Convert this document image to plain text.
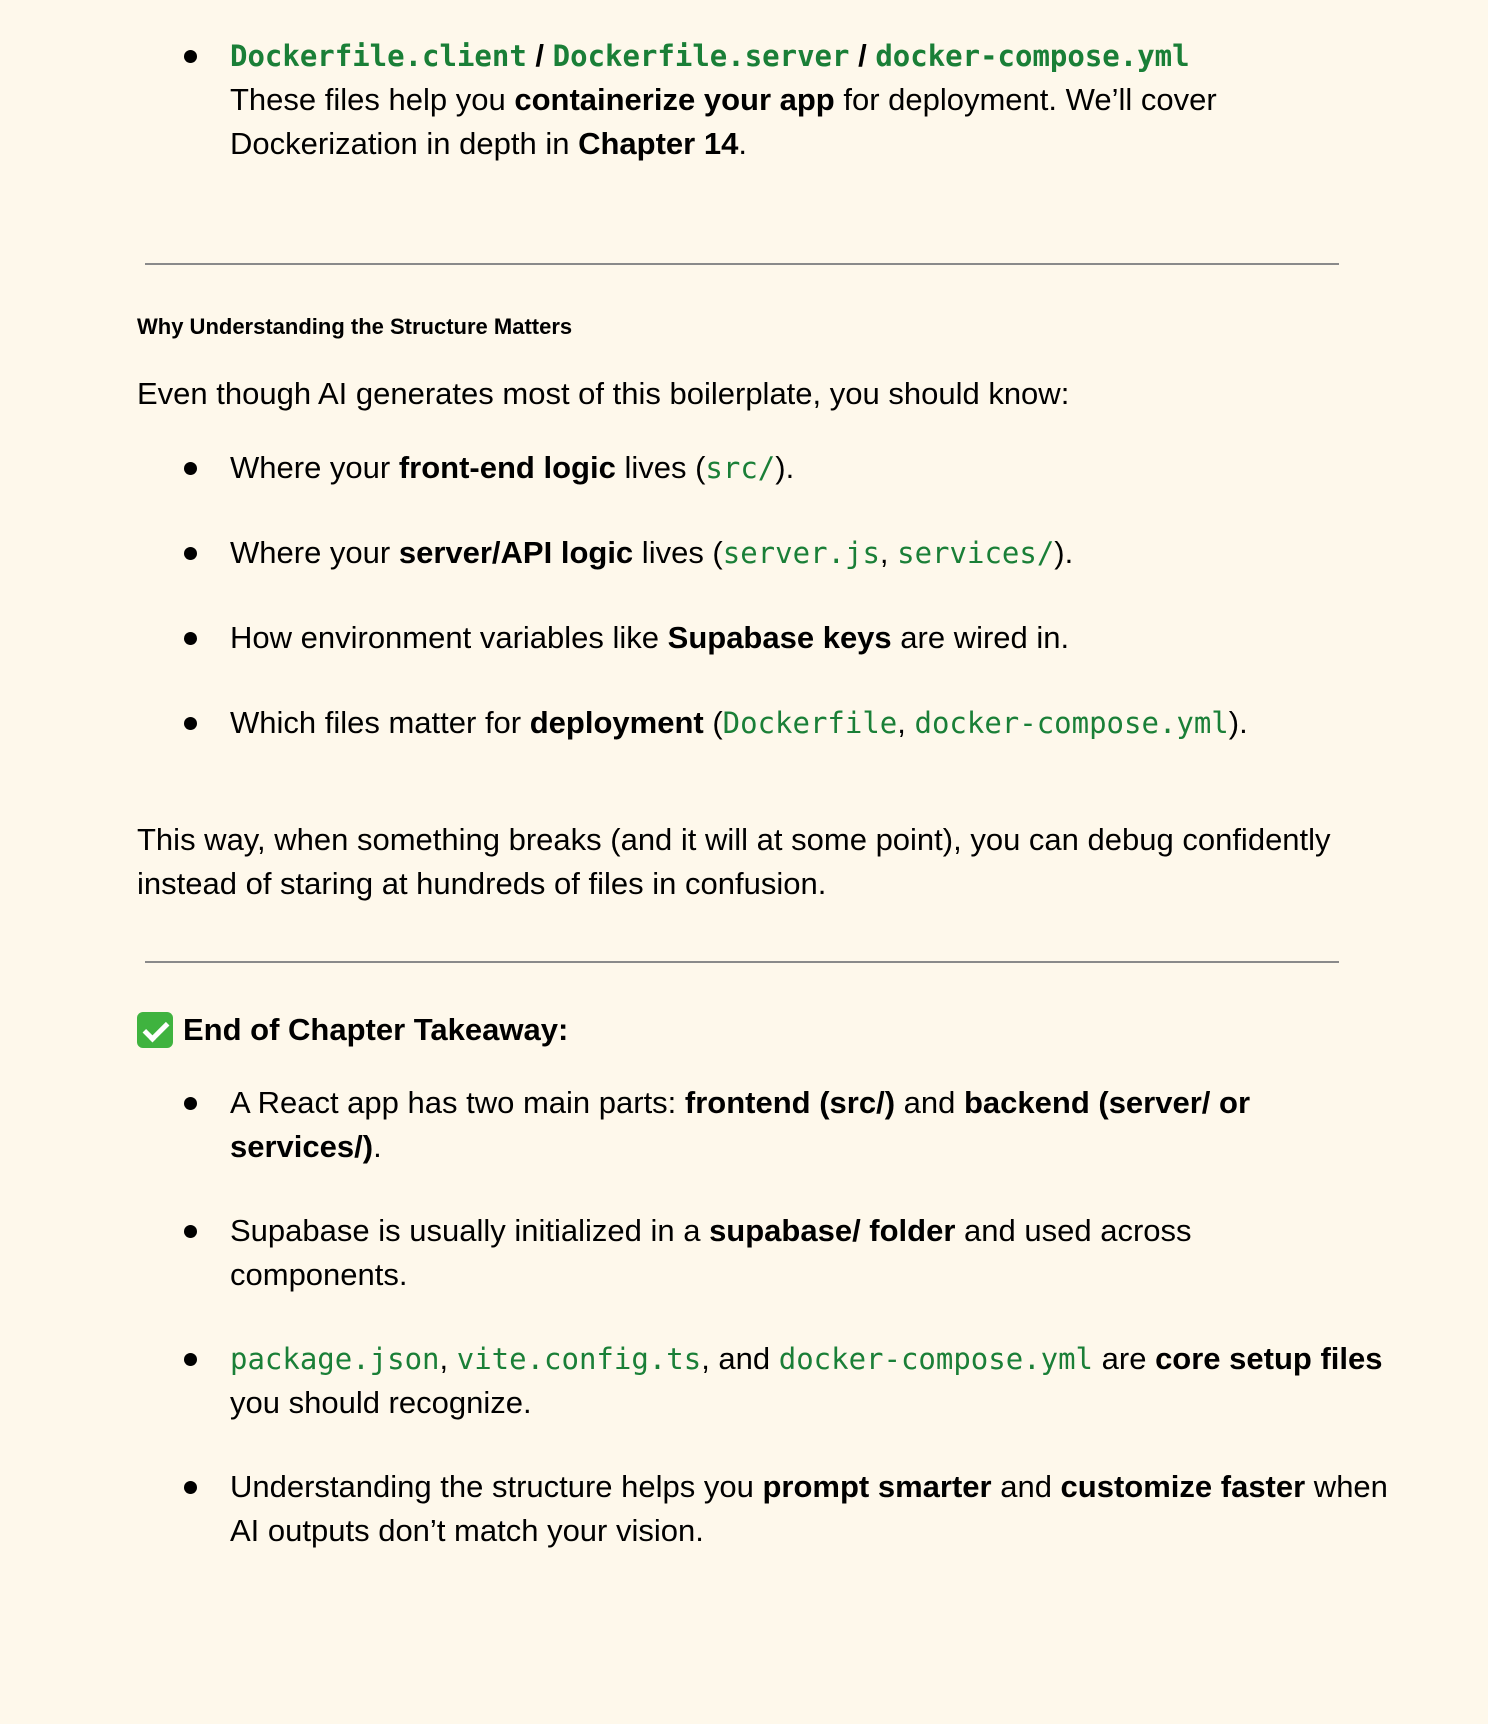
Dockerfile.client / Dockerfile.server / docker-compose.yml
These files help you containerize your app for deployment. We’ll cover Dockerization in depth in Chapter 14.
Why Understanding the Structure Matters

Even though AI generates most of this boilerplate, you should know:

Where your front-end logic lives (src/).
Where your server/API logic lives (server.js, services/).
How environment variables like Supabase keys are wired in.
Which files matter for deployment (Dockerfile, docker-compose.yml).

This way, when something breaks (and it will at some point), you can debug confidently instead of staring at hundreds of files in confusion.

End of Chapter Takeaway:
A React app has two main parts: frontend (src/) and backend (server/ or services/).
Supabase is usually initialized in a supabase/ folder and used across components.
package.json, vite.config.ts, and docker-compose.yml are core setup files you should recognize.
Understanding the structure helps you prompt smarter and customize faster when AI outputs don’t match your vision.
